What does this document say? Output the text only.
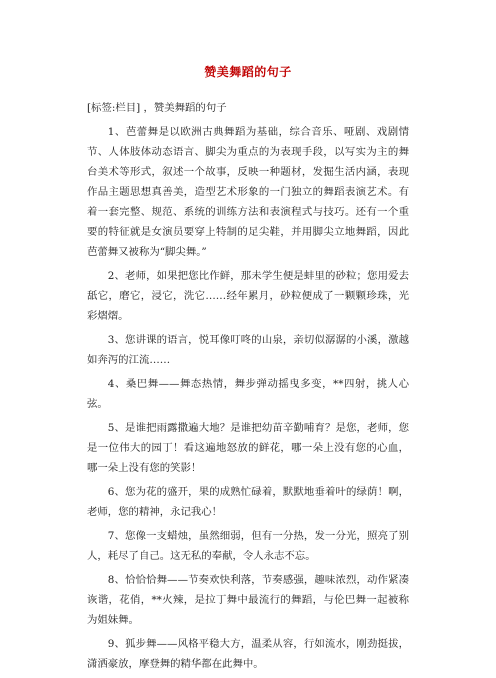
赞美舞蹈的句子

[标签:栏目] ，赞美舞蹈的句子

1、芭蕾舞是以欧洲古典舞蹈为基础，综合音乐、哑剧、戏剧情节、人体肢体动态语言、脚尖为重点的为表现手段，以写实为主的舞台美术等形式，叙述一个故事，反映一种题材，发掘生活内涵，表现作品主题思想真善美，造型艺术形象的一门独立的舞蹈表演艺术。有着一套完整、规范、系统的训练方法和表演程式与技巧。还有一个重要的特征就是女演员要穿上特制的足尖鞋，并用脚尖立地舞蹈，因此芭蕾舞又被称为“脚尖舞。”

2、老师，如果把您比作鲜，那未学生便是蚌里的砂粒；您用爱去舐它，磨它，浸它，洗它……经年累月，砂粒便成了一颗颗珍珠，光彩熠熠。

3、您讲课的语言，悦耳像叮咚的山泉，亲切似潺潺的小溪，激越如奔泻的江流……

4、桑巴舞——舞态热情，舞步弹动摇曳多变，**四射，挑人心弦。

5、是谁把雨露撒遍大地？是谁把幼苗辛勤哺育？是您，老师，您是一位伟大的园丁！看这遍地怒放的鲜花，哪一朵上没有您的心血，哪一朵上没有您的笑影！

6、您为花的盛开，果的成熟忙碌着，默默地垂着叶的绿荫！啊，老师，您的精神，永记我心！

7、您像一支蜡烛，虽然细弱，但有一分热，发一分光，照亮了别人，耗尽了自己。这无私的奉献，令人永志不忘。

8、恰恰恰舞——节奏欢快利落，节奏感强，趣味浓烈，动作紧凑诙谐，花俏，**火辣，是拉丁舞中最流行的舞蹈，与伦巴舞一起被称为姐妹舞。

9、狐步舞——风格平稳大方，温柔从容，行如流水，刚劲挺拔，潇洒豪放，摩登舞的精华都在此舞中。
